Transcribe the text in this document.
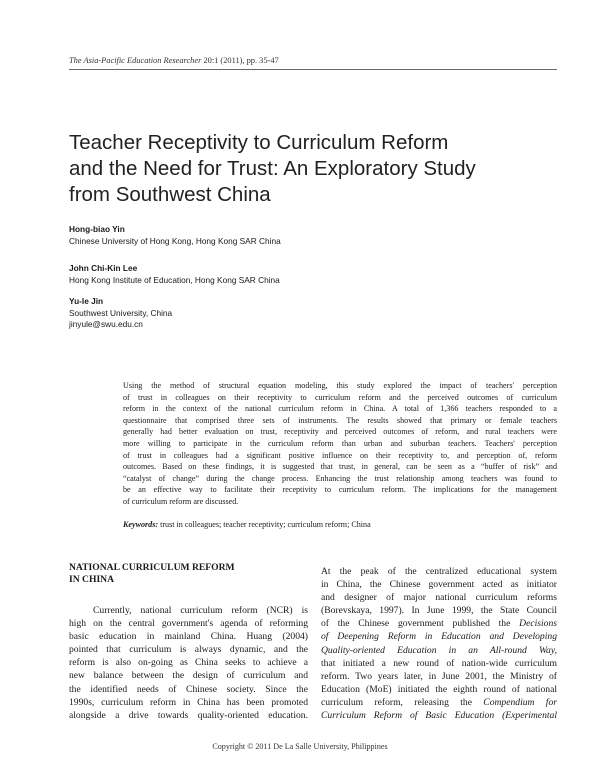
The Asia-Pacific Education Researcher 20:1 (2011), pp. 35-47
Teacher Receptivity to Curriculum Reform
and the Need for Trust: An Exploratory Study
from Southwest China
Hong-biao Yin
Chinese University of Hong Kong, Hong Kong SAR China
John Chi-Kin Lee
Hong Kong Institute of Education, Hong Kong SAR China
Yu-le Jin
Southwest University, China
jinyule@swu.edu.cn
Using the method of structural equation modeling, this study explored the impact of teachers' perception
of trust in colleagues on their receptivity to curriculum reform and the perceived outcomes of curriculum
reform in the context of the national curriculum reform in China. A total of 1,366 teachers responded to a
questionnaire that comprised three sets of instruments. The results showed that primary or female teachers
generally had better evaluation on trust, receptivity and perceived outcomes of reform, and rural teachers were
more willing to participate in the curriculum reform than urban and suburban teachers. Teachers' perception
of trust in colleagues had a significant positive influence on their receptivity to, and perception of, reform
outcomes. Based on these findings, it is suggested that trust, in general, can be seen as a “buffer of risk” and
“catalyst of change” during the change process. Enhancing the trust relationship among teachers was found to
be an effective way to facilitate their receptivity to curriculum reform. The implications for the management
of curriculum reform are discussed.
Keywords: trust in colleagues; teacher receptivity; curriculum reform; China
NATIONAL CURRICULUM REFORM
IN CHINA
Currently, national curriculum reform (NCR) is
high on the central government's agenda of reforming
basic education in mainland China. Huang (2004)
pointed that curriculum is always dynamic, and the
reform is also on-going as China seeks to achieve a
new balance between the design of curriculum and
the identified needs of Chinese society. Since the
1990s, curriculum reform in China has been promoted
alongside a drive towards quality-oriented education.
At the peak of the centralized educational system
in China, the Chinese government acted as initiator
and designer of major national curriculum reforms
(Borevskaya, 1997). In June 1999, the State Council
of the Chinese government published the Decisions
of Deepening Reform in Education and Developing
Quality-oriented Education in an All-round Way,
that initiated a new round of nation-wide curriculum
reform. Two years later, in June 2001, the Ministry of
Education (MoE) initiated the eighth round of national
curriculum reform, releasing the Compendium for
Curriculum Reform of Basic Education (Experimental
Copyright © 2011 De La Salle University, Philippines
